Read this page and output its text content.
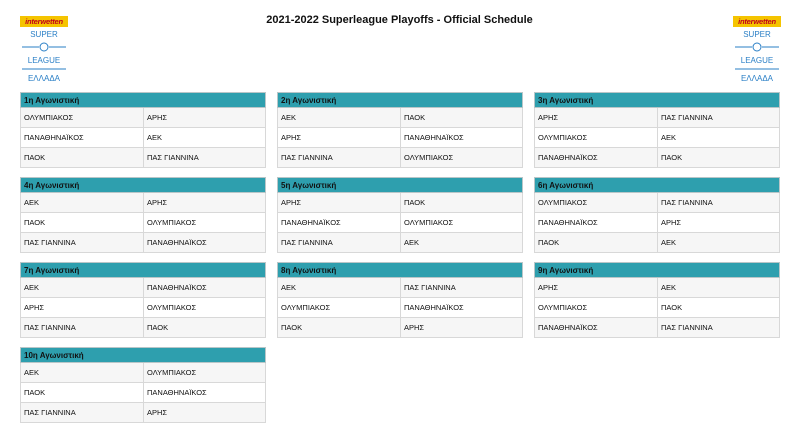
2021-2022 Superleague Playoffs - Official Schedule
interwetten
SUPER
LEAGUE
ΕΛΛΑΔΑ
interwetten
SUPER
LEAGUE
ΕΛΛΑΔΑ
1η Αγωνιστική
ΟΛΥΜΠΙΑΚΟΣ	ΑΡΗΣ
ΠΑΝΑΘΗΝΑΪΚΟΣ	ΑΕΚ
ΠΑΟΚ	ΠΑΣ ΓΙΑΝΝΙΝΑ
2η Αγωνιστική
ΑΕΚ	ΠΑΟΚ
ΑΡΗΣ	ΠΑΝΑΘΗΝΑΪΚΟΣ
ΠΑΣ ΓΙΑΝΝΙΝΑ	ΟΛΥΜΠΙΑΚΟΣ
3η Αγωνιστική
ΑΡΗΣ	ΠΑΣ ΓΙΑΝΝΙΝΑ
ΟΛΥΜΠΙΑΚΟΣ	ΑΕΚ
ΠΑΝΑΘΗΝΑΪΚΟΣ	ΠΑΟΚ
4η Αγωνιστική
ΑΕΚ	ΑΡΗΣ
ΠΑΟΚ	ΟΛΥΜΠΙΑΚΟΣ
ΠΑΣ ΓΙΑΝΝΙΝΑ	ΠΑΝΑΘΗΝΑΪΚΟΣ
5η Αγωνιστική
ΑΡΗΣ	ΠΑΟΚ
ΠΑΝΑΘΗΝΑΪΚΟΣ	ΟΛΥΜΠΙΑΚΟΣ
ΠΑΣ ΓΙΑΝΝΙΝΑ	ΑΕΚ
6η Αγωνιστική
ΟΛΥΜΠΙΑΚΟΣ	ΠΑΣ ΓΙΑΝΝΙΝΑ
ΠΑΝΑΘΗΝΑΪΚΟΣ	ΑΡΗΣ
ΠΑΟΚ	ΑΕΚ
7η Αγωνιστική
ΑΕΚ	ΠΑΝΑΘΗΝΑΪΚΟΣ
ΑΡΗΣ	ΟΛΥΜΠΙΑΚΟΣ
ΠΑΣ ΓΙΑΝΝΙΝΑ	ΠΑΟΚ
8η Αγωνιστική
ΑΕΚ	ΠΑΣ ΓΙΑΝΝΙΝΑ
ΟΛΥΜΠΙΑΚΟΣ	ΠΑΝΑΘΗΝΑΪΚΟΣ
ΠΑΟΚ	ΑΡΗΣ
9η Αγωνιστική
ΑΡΗΣ	ΑΕΚ
ΟΛΥΜΠΙΑΚΟΣ	ΠΑΟΚ
ΠΑΝΑΘΗΝΑΪΚΟΣ	ΠΑΣ ΓΙΑΝΝΙΝΑ
10η Αγωνιστική
ΑΕΚ	ΟΛΥΜΠΙΑΚΟΣ
ΠΑΟΚ	ΠΑΝΑΘΗΝΑΪΚΟΣ
ΠΑΣ ΓΙΑΝΝΙΝΑ	ΑΡΗΣ
